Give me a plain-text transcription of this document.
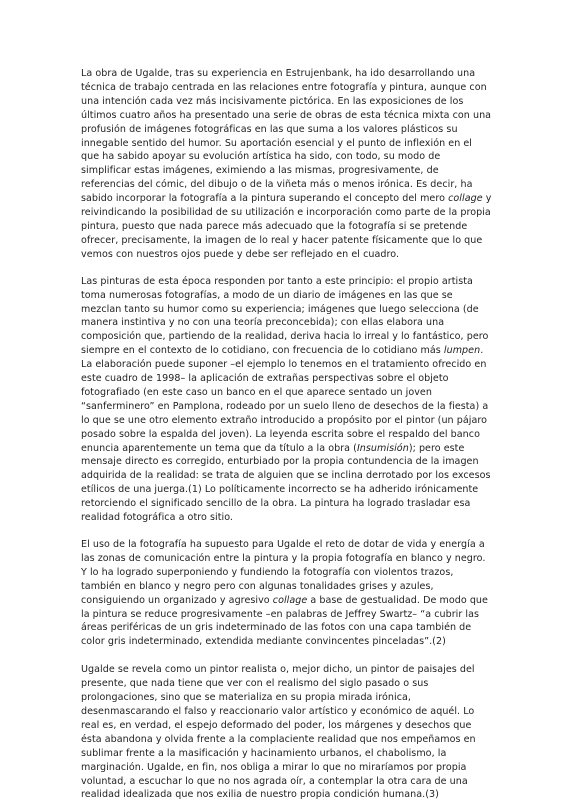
La obra de Ugalde, tras su experiencia en Estrujenbank, ha ido desarrollando una técnica de trabajo centrada en las relaciones entre fotografía y pintura, aunque con una intención cada vez más incisivamente pictórica. En las exposiciones de los últimos cuatro años ha presentado una serie de obras de esta técnica mixta con una profusión de imágenes fotográficas en las que suma a los valores plásticos su innegable sentido del humor. Su aportación esencial y el punto de inflexión en el que ha sabido apoyar su evolución artística ha sido, con todo, su modo de simplificar estas imágenes, eximiendo a las mismas, progresivamente, de referencias del cómic, del dibujo o de la viñeta más o menos irónica. Es decir, ha sabido incorporar la fotografía a la pintura superando el concepto del mero collage y reivindicando la posibilidad de su utilización e incorporación como parte de la propia pintura, puesto que nada parece más adecuado que la fotografía si se pretende ofrecer, precisamente, la imagen de lo real y hacer patente físicamente que lo que vemos con nuestros ojos puede y debe ser reflejado en el cuadro.

Las pinturas de esta época responden por tanto a este principio: el propio artista toma numerosas fotografías, a modo de un diario de imágenes en las que se mezclan tanto su humor como su experiencia; imágenes que luego selecciona (de manera instintiva y no con una teoría preconcebida); con ellas elabora una composición que, partiendo de la realidad, deriva hacia lo irreal y lo fantástico, pero siempre en el contexto de lo cotidiano, con frecuencia de lo cotidiano más lumpen. La elaboración puede suponer –el ejemplo lo tenemos en el tratamiento ofrecido en este cuadro de 1998– la aplicación de extrañas perspectivas sobre el objeto fotografiado (en este caso un banco en el que aparece sentado un joven “sanferminero” en Pamplona, rodeado por un suelo lleno de desechos de la fiesta) a lo que se une otro elemento extraño introducido a propósito por el pintor (un pájaro posado sobre la espalda del joven). La leyenda escrita sobre el respaldo del banco enuncia aparentemente un tema que da título a la obra (Insumisión); pero este mensaje directo es corregido, enturbiado por la propia contundencia de la imagen adquirida de la realidad: se trata de alguien que se inclina derrotado por los excesos etílicos de una juerga.(1) Lo políticamente incorrecto se ha adherido irónicamente retorciendo el significado sencillo de la obra. La pintura ha logrado trasladar esa realidad fotográfica a otro sitio.

El uso de la fotografía ha supuesto para Ugalde el reto de dotar de vida y energía a las zonas de comunicación entre la pintura y la propia fotografía en blanco y negro. Y lo ha logrado superponiendo y fundiendo la fotografía con violentos trazos, también en blanco y negro pero con algunas tonalidades grises y azules, consiguiendo un organizado y agresivo collage a base de gestualidad. De modo que la pintura se reduce progresivamente –en palabras de Jeffrey Swartz– “a cubrir las áreas periféricas de un gris indeterminado de las fotos con una capa también de color gris indeterminado, extendida mediante convincentes pinceladas”.(2)

Ugalde se revela como un pintor realista o, mejor dicho, un pintor de paisajes del presente, que nada tiene que ver con el realismo del siglo pasado o sus prolongaciones, sino que se materializa en su propia mirada irónica, desenmascarando el falso y reaccionario valor artístico y económico de aquél. Lo real es, en verdad, el espejo deformado del poder, los márgenes y desechos que ésta abandona y olvida frente a la complaciente realidad que nos empeñamos en sublimar frente a la masificación y hacinamiento urbanos, el chabolismo, la marginación. Ugalde, en fin, nos obliga a mirar lo que no miraríamos por propia voluntad, a escuchar lo que no nos agrada oír, a contemplar la otra cara de una realidad idealizada que nos exilia de nuestro propia condición humana.(3)
